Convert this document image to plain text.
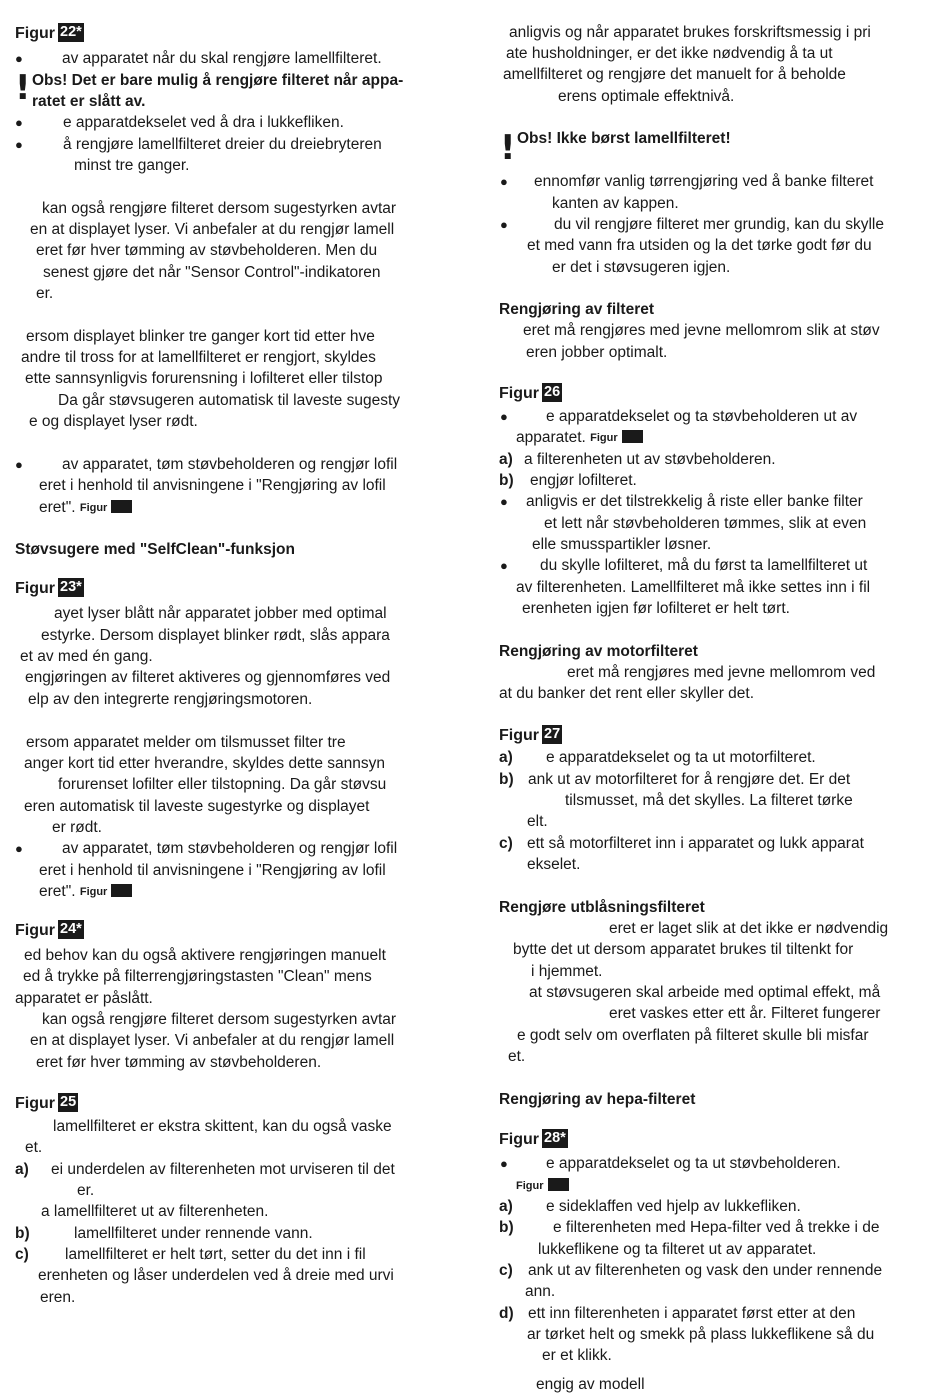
Figur 22*
●	av apparatet når du skal rengjøre lamellfilteret.
! Obs! Det er bare mulig å rengjøre filteret når appa-
ratet er slått av.
●	e apparatdekselet ved å dra i lukkefliken.
●	å rengjøre lamellfilteret dreier du dreiebryteren
minst tre ganger.
kan også rengjøre filteret dersom sugestyrken avtar
en at displayet lyser. Vi anbefaler at du rengjør lamell
eret før hver tømming av støvbeholderen. Men du
senest gjøre det når "Sensor Control"-indikatoren
er.
ersom displayet blinker tre ganger kort tid etter hve
andre til tross for at lamellfilteret er rengjort, skyldes
ette sannsynligvis forurensning i lofilteret eller tilstop
Da går støvsugeren automatisk til laveste sugesty
e og displayet lyser rødt.
●	av apparatet, tøm støvbeholderen og rengjør lofil
eret i henhold til anvisningene i "Rengjøring av lofil
eret". Figur
Støvsugere med "SelfClean"-funksjon
Figur 23*
ayet lyser blått når apparatet jobber med optimal
estyrke. Dersom displayet blinker rødt, slås appara
et av med én gang.
engjøringen av filteret aktiveres og gjennomføres ved
elp av den integrerte rengjøringsmotoren.
ersom apparatet melder om tilsmusset filter tre
anger kort tid etter hverandre, skyldes dette sannsyn
forurenset lofilter eller tilstopning. Da går støvsu
eren automatisk til laveste sugestyrke og displayet
er rødt.
●	av apparatet, tøm støvbeholderen og rengjør lofil
eret i henhold til anvisningene i "Rengjøring av lofil
eret". Figur
Figur 24*
ed behov kan du også aktivere rengjøringen manuelt
ed å trykke på filterrengjøringstasten "Clean" mens
apparatet er påslått.
kan også rengjøre filteret dersom sugestyrken avtar
en at displayet lyser. Vi anbefaler at du rengjør lamell
eret før hver tømming av støvbeholderen.
Figur 25
lamellfilteret er ekstra skittent, kan du også vaske
et.
a) ei underdelen av filterenheten mot urviseren til det
er.
a lamellfilteret ut av filterenheten.
b)	lamellfilteret under rennende vann.
c) lamellfilteret er helt tørt, setter du det inn i fil
erenheten og låser underdelen ved å dreie med urvi
eren.
anligvis og når apparatet brukes forskriftsmessig i pri
ate husholdninger, er det ikke nødvendig å ta ut
amellfilteret og rengjøre det manuelt for å beholde
erens optimale effektnivå.
! Obs! Ikke børst lamellfilteret!
● ennomfør vanlig tørrengjøring ved å banke filteret
kanten av kappen.
●	du vil rengjøre filteret mer grundig, kan du skylle
et med vann fra utsiden og la det tørke godt før du
er det i støvsugeren igjen.
Rengjøring av filteret
eret må rengjøres med jevne mellomrom slik at støv
eren jobber optimalt.
Figur 26
● e apparatdekselet og ta støvbeholderen ut av
apparatet. Figur
a) a filterenheten ut av støvbeholderen.
b) engjør lofilteret.
● anligvis er det tilstrekkelig å riste eller banke filter
et lett når støvbeholderen tømmes, slik at even
elle smusspartikler løsner.
● du skylle lofilteret, må du først ta lamellfilteret ut
av filterenheten. Lamellfilteret må ikke settes inn i fil
erenheten igjen før lofilteret er helt tørt.
Rengjøring av motorfilteret
eret må rengjøres med jevne mellomrom ved
at du banker det rent eller skyller det.
Figur 27
a) e apparatdekselet og ta ut motorfilteret.
b) ank ut av motorfilteret for å rengjøre det. Er det
tilsmusset, må det skylles. La filteret tørke
elt.
c) ett så motorfilteret inn i apparatet og lukk apparat
ekselet.
Rengjøre utblåsningsfilteret
eret er laget slik at det ikke er nødvendig
bytte det ut dersom apparatet brukes til tiltenkt for
i hjemmet.
at støvsugeren skal arbeide med optimal effekt, må
eret vaskes etter ett år. Filteret fungerer
e godt selv om overflaten på filteret skulle bli misfar
et.
Rengjøring av hepa-filteret
Figur 28*
● e apparatdekselet og ta ut støvbeholderen.
Figur
a) e sideklaffen ved hjelp av lukkefliken.
b)	e filterenheten med Hepa-filter ved å trekke i de
lukkeflikene og ta filteret ut av apparatet.
c) ank ut av filterenheten og vask den under rennende
ann.
d) ett inn filterenheten i apparatet først etter at den
ar tørket helt og smekk på plass lukkeflikene så du
er et klikk.
engig av modell
